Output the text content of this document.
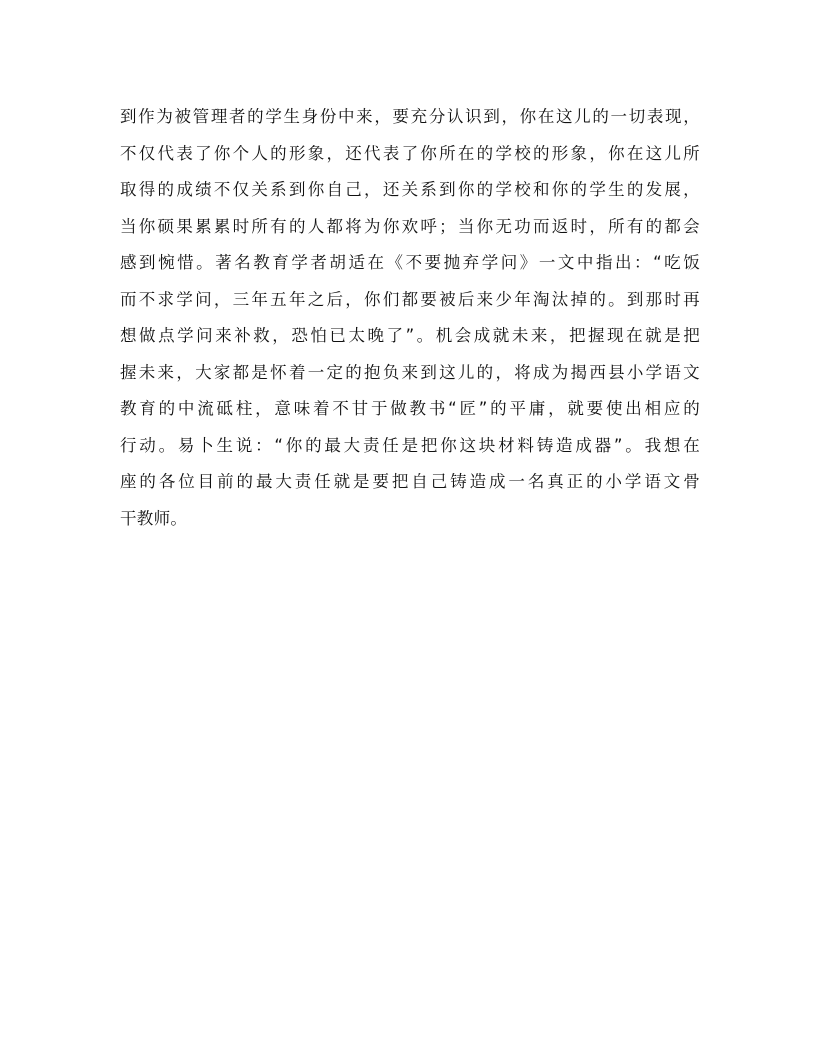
到作为被管理者的学生身份中来，要充分认识到，你在这儿的一切表现，
不仅代表了你个人的形象，还代表了你所在的学校的形象，你在这儿所
取得的成绩不仅关系到你自己，还关系到你的学校和你的学生的发展，
当你硕果累累时所有的人都将为你欢呼；当你无功而返时，所有的都会
感到惋惜。著名教育学者胡适在《不要抛弃学问》一文中指出：“吃饭
而不求学问，三年五年之后，你们都要被后来少年淘汰掉的。到那时再
想做点学问来补救，恐怕已太晚了”。机会成就未来，把握现在就是把
握未来，大家都是怀着一定的抱负来到这儿的，将成为揭西县小学语文
教育的中流砥柱，意味着不甘于做教书“匠”的平庸，就要使出相应的
行动。易卜生说：“你的最大责任是把你这块材料铸造成器”。我想在
座的各位目前的最大责任就是要把自己铸造成一名真正的小学语文骨
干教师。
